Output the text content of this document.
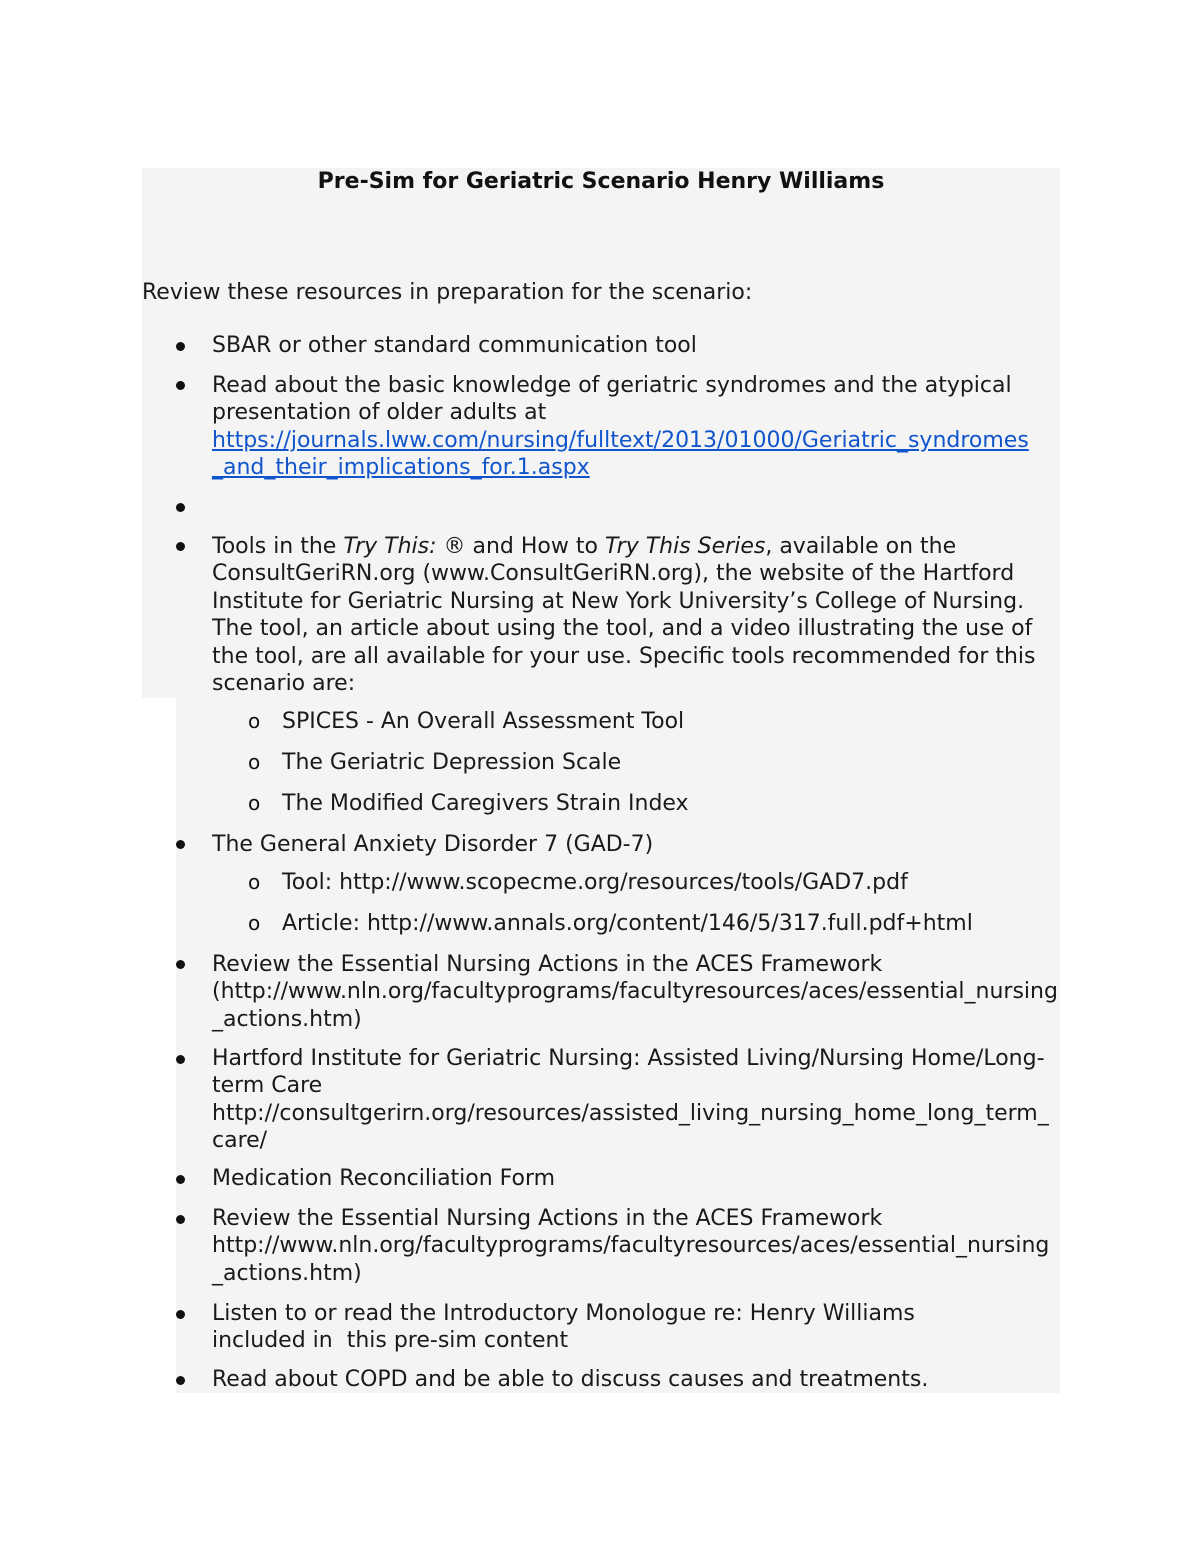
Pre-Sim for Geriatric Scenario Henry Williams
Review these resources in preparation for the scenario:
SBAR or other standard communication tool
Read about the basic knowledge of geriatric syndromes and the atypical presentation of older adults at
https://journals.lww.com/nursing/fulltext/2013/01000/Geriatric_syndromes_and_their_implications_for.1.aspx
Tools in the Try This: ® and How to Try This Series, available on the ConsultGeriRN.org (www.ConsultGeriRN.org), the website of the Hartford Institute for Geriatric Nursing at New York University’s College of Nursing. The tool, an article about using the tool, and a video illustrating the use of the tool, are all available for your use. Specific tools recommended for this scenario are:
o SPICES - An Overall Assessment Tool
o The Geriatric Depression Scale
o The Modified Caregivers Strain Index
The General Anxiety Disorder 7 (GAD-7)
o Tool: http://www.scopecme.org/resources/tools/GAD7.pdf
o Article: http://www.annals.org/content/146/5/317.full.pdf+html
Review the Essential Nursing Actions in the ACES Framework
(http://www.nln.org/facultyprograms/facultyresources/aces/essential_nursing_actions.htm)
Hartford Institute for Geriatric Nursing: Assisted Living/Nursing Home/Long-term Care
http://consultgerirn.org/resources/assisted_living_nursing_home_long_term_care/
Medication Reconciliation Form
Review the Essential Nursing Actions in the ACES Framework
http://www.nln.org/facultyprograms/facultyresources/aces/essential_nursing_actions.htm)
Listen to or read the Introductory Monologue re: Henry Williams included in  this pre-sim content
Read about COPD and be able to discuss causes and treatments.
